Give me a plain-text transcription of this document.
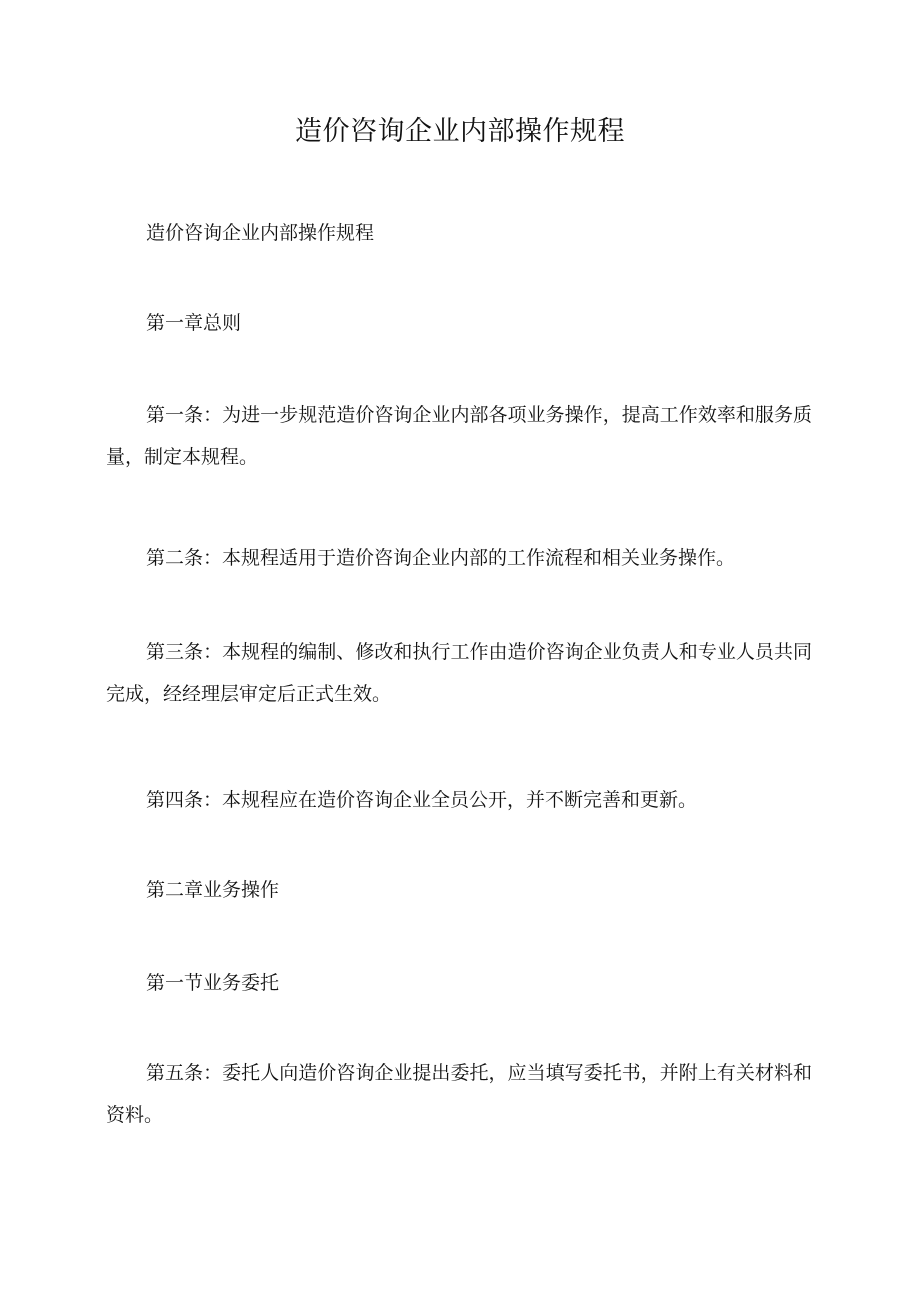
造价咨询企业内部操作规程

造价咨询企业内部操作规程

第一章总则

第一条：为进一步规范造价咨询企业内部各项业务操作，提高工作效率和服务质量，制定本规程。

第二条：本规程适用于造价咨询企业内部的工作流程和相关业务操作。

第三条：本规程的编制、修改和执行工作由造价咨询企业负责人和专业人员共同完成，经经理层审定后正式生效。

第四条：本规程应在造价咨询企业全员公开，并不断完善和更新。

第二章业务操作

第一节业务委托

第五条：委托人向造价咨询企业提出委托，应当填写委托书，并附上有关材料和资料。
